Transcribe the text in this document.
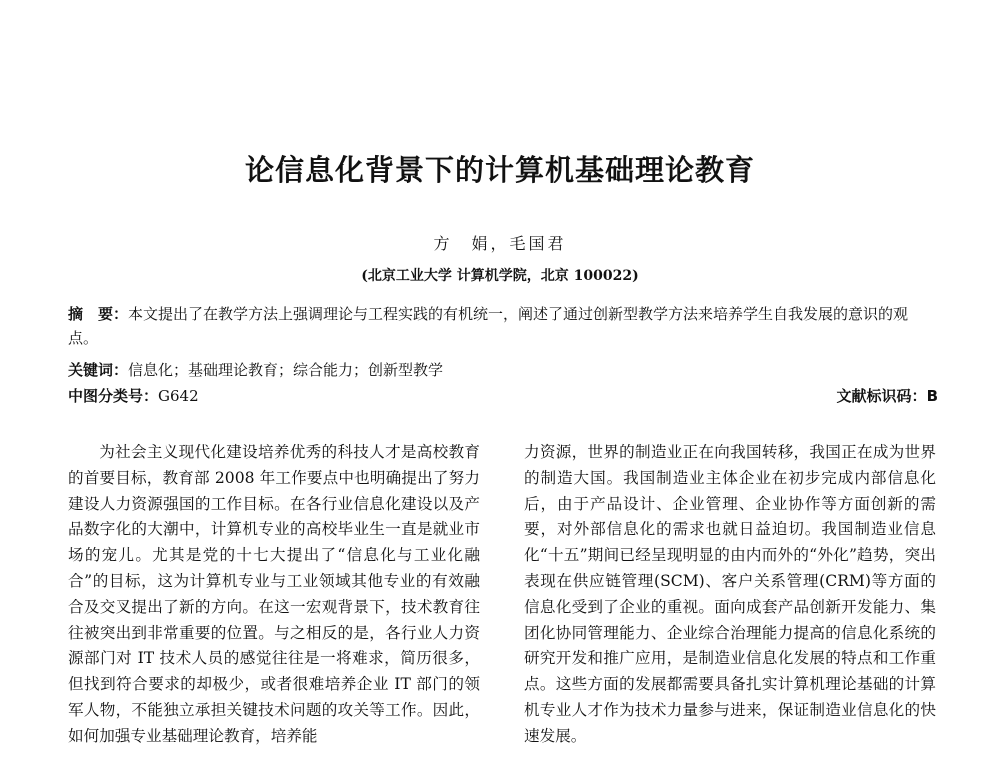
论信息化背景下的计算机基础理论教育
方　娟，毛国君
(北京工业大学 计算机学院，北京 100022)
摘　要：本文提出了在教学方法上强调理论与工程实践的有机统一，阐述了通过创新型教学方法来培养学生自我发展的意识的观点。
关键词：信息化；基础理论教育；综合能力；创新型教学
中图分类号：G642	文献标识码：B

为社会主义现代化建设培养优秀的科技人才是高校教育的首要目标，教育部 2008 年工作要点中也明确提出了努力建设人力资源强国的工作目标。在各行业信息化建设以及产品数字化的大潮中，计算机专业的高校毕业生一直是就业市场的宠儿。尤其是党的十七大提出了“信息化与工业化融合”的目标，这为计算机专业与工业领域其他专业的有效融合及交叉提出了新的方向。在这一宏观背景下，技术教育往往被突出到非常重要的位置。与之相反的是，各行业人力资源部门对 IT 技术人员的感觉往往是一将难求，简历很多，但找到符合要求的却极少，或者很难培养企业 IT 部门的领军人物，不能独立承担关键技术问题的攻关等工作。因此，如何加强专业基础理论教育，培养能

力资源，世界的制造业正在向我国转移，我国正在成为世界的制造大国。我国制造业主体企业在初步完成内部信息化后，由于产品设计、企业管理、企业协作等方面创新的需要，对外部信息化的需求也就日益迫切。我国制造业信息化“十五”期间已经呈现明显的由内而外的“外化”趋势，突出表现在供应链管理(SCM)、客户关系管理(CRM)等方面的信息化受到了企业的重视。面向成套产品创新开发能力、集团化协同管理能力、企业综合治理能力提高的信息化系统的研究开发和推广应用，是制造业信息化发展的特点和工作重点。这些方面的发展都需要具备扎实计算机理论基础的计算机专业人才作为技术力量参与进来，保证制造业信息化的快速发展。
